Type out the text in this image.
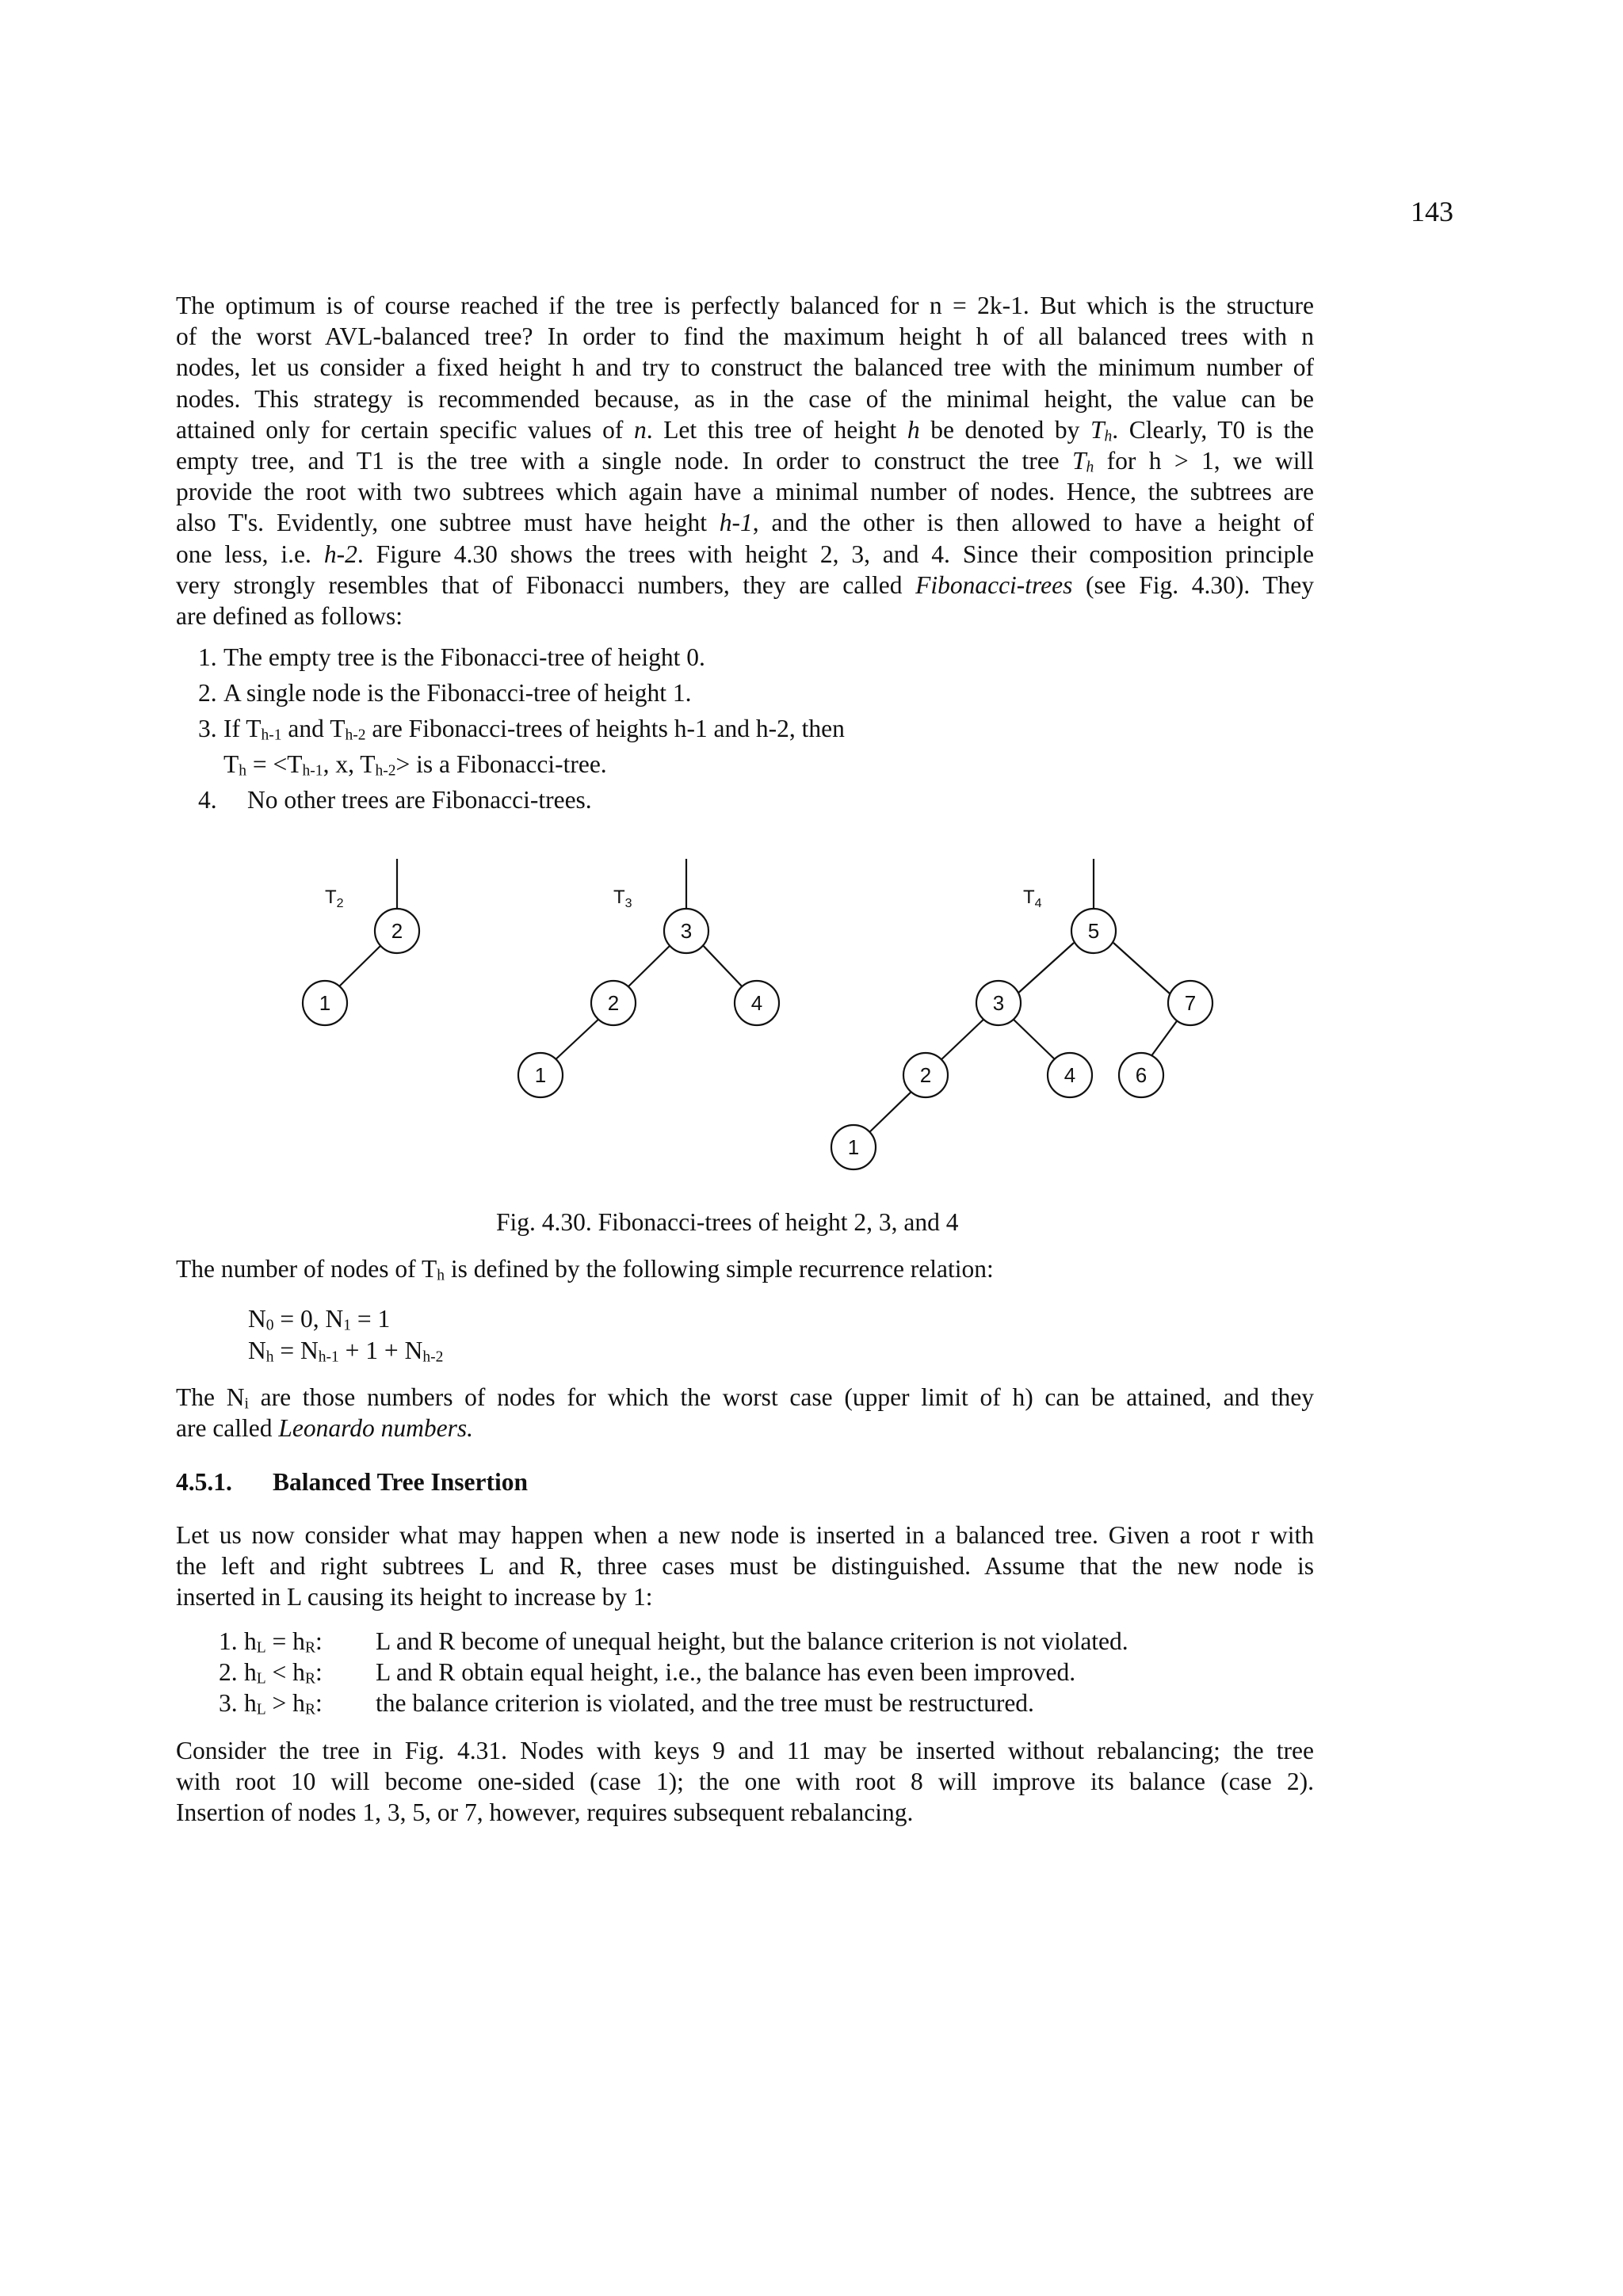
143
The optimum is of course reached if the tree is perfectly balanced for n = 2k-1. But which is the structure
of the worst AVL-balanced tree? In order to find the maximum height h of all balanced trees with n
nodes, let us consider a fixed height h and try to construct the balanced tree with the minimum number of
nodes. This strategy is recommended because, as in the case of the minimal height, the value can be
attained only for certain specific values of n. Let this tree of height h be denoted by $T_h$. Clearly, T0 is the
empty tree, and T1 is the tree with a single node. In order to construct the tree $T_h$ for h > 1, we will
provide the root with two subtrees which again have a minimal number of nodes. Hence, the subtrees are
also T's. Evidently, one subtree must have height h-1, and the other is then allowed to have a height of
one less, i.e. h-2. Figure 4.30 shows the trees with height 2, 3, and 4. Since their composition principle
very strongly resembles that of Fibonacci numbers, they are called Fibonacci-trees (see Fig. 4.30). They
are defined as follows:
1. The empty tree is the Fibonacci-tree of height 0.
2. A single node is the Fibonacci-tree of height 1.
3. If $T_{h-1}$ and $T_{h-2}$ are Fibonacci-trees of heights h-1 and h-2, then
$T_h = <T_{h-1}$, x, $T_{h-2}>$ is a Fibonacci-tree.
4. No other trees are Fibonacci-trees.
$T_2$
2
1
$T_3$
3
2	4
1
$T_4$
5
3	7
2	4	6
1
Fig. 4.30. Fibonacci-trees of height 2, 3, and 4
The number of nodes of $T_h$ is defined by the following simple recurrence relation:
$N_0 = 0$, $N_1 = 1$
$N_h = N_{h-1} + 1 + N_{h-2}$
The $N_i$ are those numbers of nodes for which the worst case (upper limit of h) can be attained, and they
are called Leonardo numbers.
4.5.1. Balanced Tree Insertion
Let us now consider what may happen when a new node is inserted in a balanced tree. Given a root r with
the left and right subtrees L and R, three cases must be distinguished. Assume that the new node is
inserted in L causing its height to increase by 1:
1. $h_L = h_R$: L and R become of unequal height, but the balance criterion is not violated.
2. $h_L < h_R$: L and R obtain equal height, i.e., the balance has even been improved.
3. $h_L > h_R$: the balance criterion is violated, and the tree must be restructured.
Consider the tree in Fig. 4.31. Nodes with keys 9 and 11 may be inserted without rebalancing; the tree
with root 10 will become one-sided (case 1); the one with root 8 will improve its balance (case 2).
Insertion of nodes 1, 3, 5, or 7, however, requires subsequent rebalancing.
